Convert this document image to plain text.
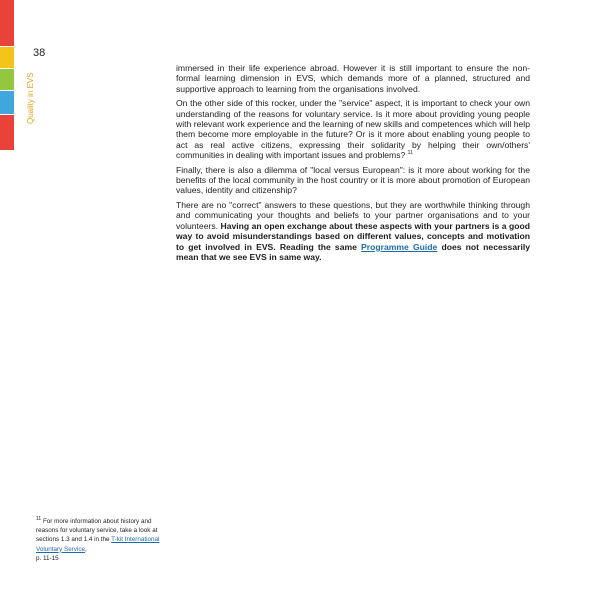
38
Quality in EVS

immersed in their life experience abroad. However it is still important to ensure the non-formal learning dimension in EVS, which demands more of a planned, structured and supportive approach to learning from the organisations involved.

On the other side of this rocker, under the "service" aspect, it is important to check your own understanding of the reasons for voluntary service. Is it more about providing young people with relevant work experience and the learning of new skills and competences which will help them become more employable in the future? Or is it more about enabling young people to act as real active citizens, expressing their solidarity by helping their own/others' communities in dealing with important issues and problems? $^{11}$

Finally, there is also a dilemma of "local versus European": is it more about working for the benefits of the local community in the host country or it is more about promotion of European values, identity and citizenship?

There are no "correct" answers to these questions, but they are worthwhile thinking through and communicating your thoughts and beliefs to your partner organisations and to your volunteers. Having an open exchange about these aspects with your partners is a good way to avoid misunderstandings based on different values, concepts and motivation to get involved in EVS. Reading the same Programme Guide does not necessarily mean that we see EVS in same way.

$^{11}$ For more information about history and reasons for voluntary service, take a look at sections 1.3 and 1.4 in the T-kit International Voluntary Service,
p. 11-15
